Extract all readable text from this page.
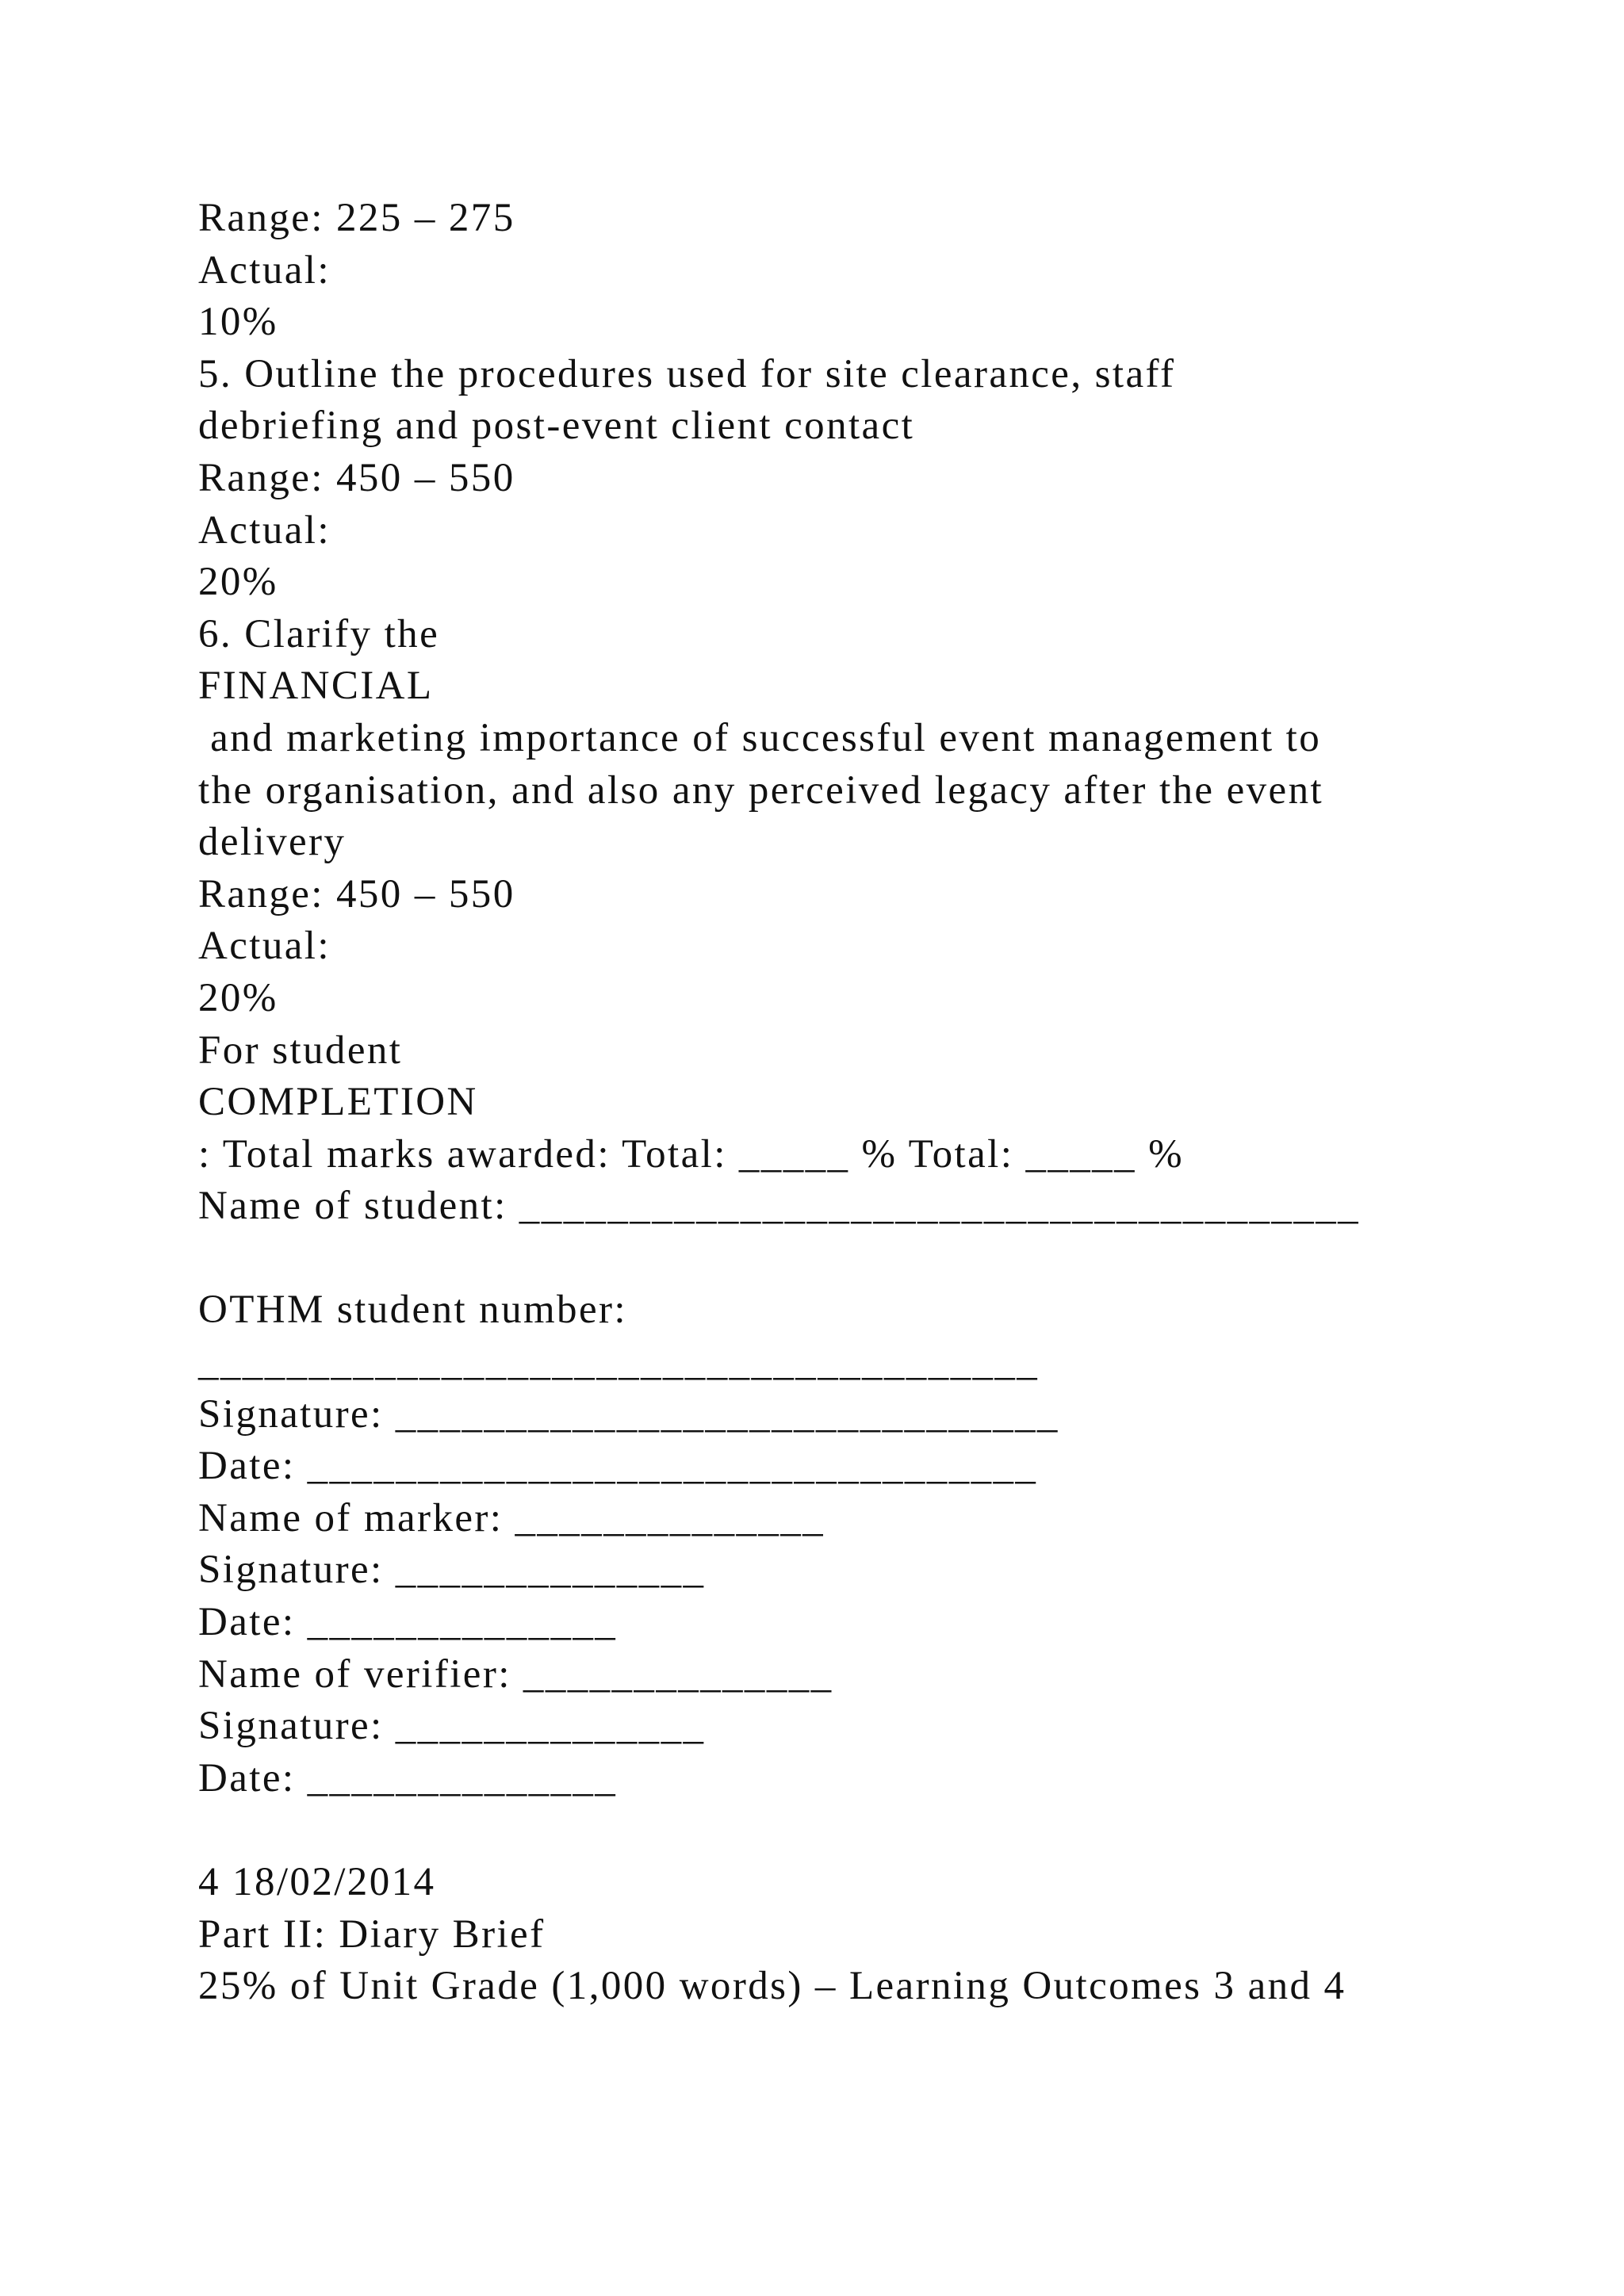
Range: 225 – 275
Actual:
10%
5. Outline the procedures used for site clearance, staff
debriefing and post-event client contact
Range: 450 – 550
Actual:
20%
6. Clarify the
FINANCIAL
and marketing importance of successful event management to
the organisation, and also any perceived legacy after the event
delivery
Range: 450 – 550
Actual:
20%
For student
COMPLETION
: Total marks awarded: Total: _____ % Total: _____ %
Name of student: ______________________________________
OTHM student number:
______________________________________
Signature: ______________________________
Date: _________________________________
Name of marker: ______________
Signature: ______________
Date: ______________
Name of verifier: ______________
Signature: ______________
Date: ______________
4 18/02/2014
Part II: Diary Brief
25% of Unit Grade (1,000 words) – Learning Outcomes 3 and 4
